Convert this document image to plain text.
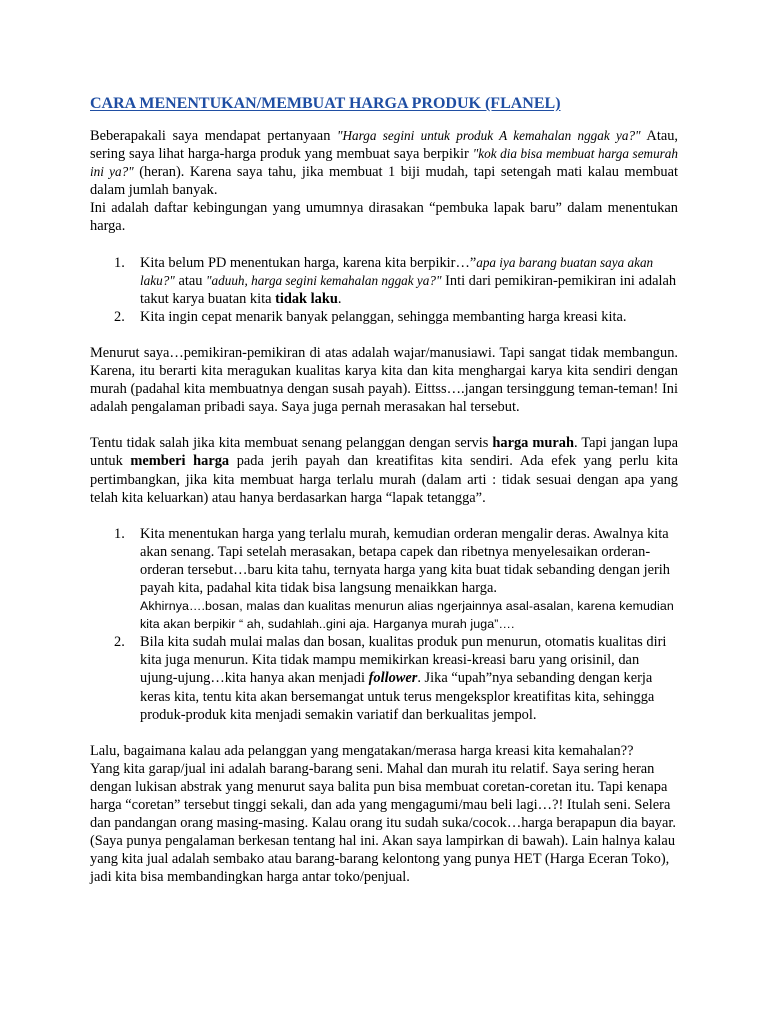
CARA MENENTUKAN/MEMBUAT HARGA PRODUK (FLANEL)

Beberapakali saya mendapat pertanyaan "Harga segini untuk produk A kemahalan nggak ya?" Atau, sering saya lihat harga-harga produk yang membuat saya berpikir "kok dia bisa membuat harga semurah ini ya?" (heran). Karena saya tahu, jika membuat 1 biji mudah, tapi setengah mati kalau membuat dalam jumlah banyak.

Ini adalah daftar kebingungan yang umumnya dirasakan “pembuka lapak baru” dalam menentukan harga.

1.	Kita belum PD menentukan harga, karena kita berpikir…”apa iya barang buatan saya akan laku?" atau "aduuh, harga segini kemahalan nggak ya?" Inti dari pemikiran-pemikiran ini adalah takut karya buatan kita tidak laku.
2.	Kita ingin cepat menarik banyak pelanggan, sehingga membanting harga kreasi kita.

Menurut saya…pemikiran-pemikiran di atas adalah wajar/manusiawi. Tapi sangat tidak membangun. Karena, itu berarti kita meragukan kualitas karya kita dan kita menghargai karya kita sendiri dengan murah (padahal kita membuatnya dengan susah payah). Eittss….jangan tersinggung teman-teman! Ini adalah pengalaman pribadi saya. Saya juga pernah merasakan hal tersebut.

Tentu tidak salah jika kita membuat senang pelanggan dengan servis harga murah. Tapi jangan lupa untuk memberi harga pada jerih payah dan kreatifitas kita sendiri. Ada efek yang perlu kita pertimbangkan, jika kita membuat harga terlalu murah (dalam arti : tidak sesuai dengan apa yang telah kita keluarkan) atau hanya berdasarkan harga “lapak tetangga”.

1.	Kita menentukan harga yang terlalu murah, kemudian orderan mengalir deras. Awalnya kita akan senang. Tapi setelah merasakan, betapa capek dan ribetnya menyelesaikan orderan-orderan tersebut…baru kita tahu, ternyata harga yang kita buat tidak sebanding dengan jerih payah kita, padahal kita tidak bisa langsung menaikkan harga.
Akhirnya….bosan, malas dan kualitas menurun alias ngerjainnya asal-asalan, karena kemudian kita akan berpikir “ ah, sudahlah..gini aja. Harganya murah juga”….
2.	Bila kita sudah mulai malas dan bosan, kualitas produk pun menurun, otomatis kualitas diri kita juga menurun. Kita tidak mampu memikirkan kreasi-kreasi baru yang orisinil, dan ujung-ujung…kita hanya akan menjadi follower. Jika “upah”nya sebanding dengan kerja keras kita, tentu kita akan bersemangat untuk terus mengeksplor kreatifitas kita, sehingga produk-produk kita menjadi semakin variatif dan berkualitas jempol.

Lalu, bagaimana kalau ada pelanggan yang mengatakan/merasa harga kreasi kita kemahalan??

Yang kita garap/jual ini adalah barang-barang seni. Mahal dan murah itu relatif. Saya sering heran dengan lukisan abstrak yang menurut saya balita pun bisa membuat coretan-coretan itu. Tapi kenapa harga “coretan” tersebut tinggi sekali, dan ada yang mengagumi/mau beli lagi…?! Itulah seni. Selera dan pandangan orang masing-masing. Kalau orang itu sudah suka/cocok…harga berapapun dia bayar. (Saya punya pengalaman berkesan tentang hal ini. Akan saya lampirkan di bawah). Lain halnya kalau yang kita jual adalah sembako atau barang-barang kelontong yang punya HET (Harga Eceran Toko), jadi kita bisa membandingkan harga antar toko/penjual.
